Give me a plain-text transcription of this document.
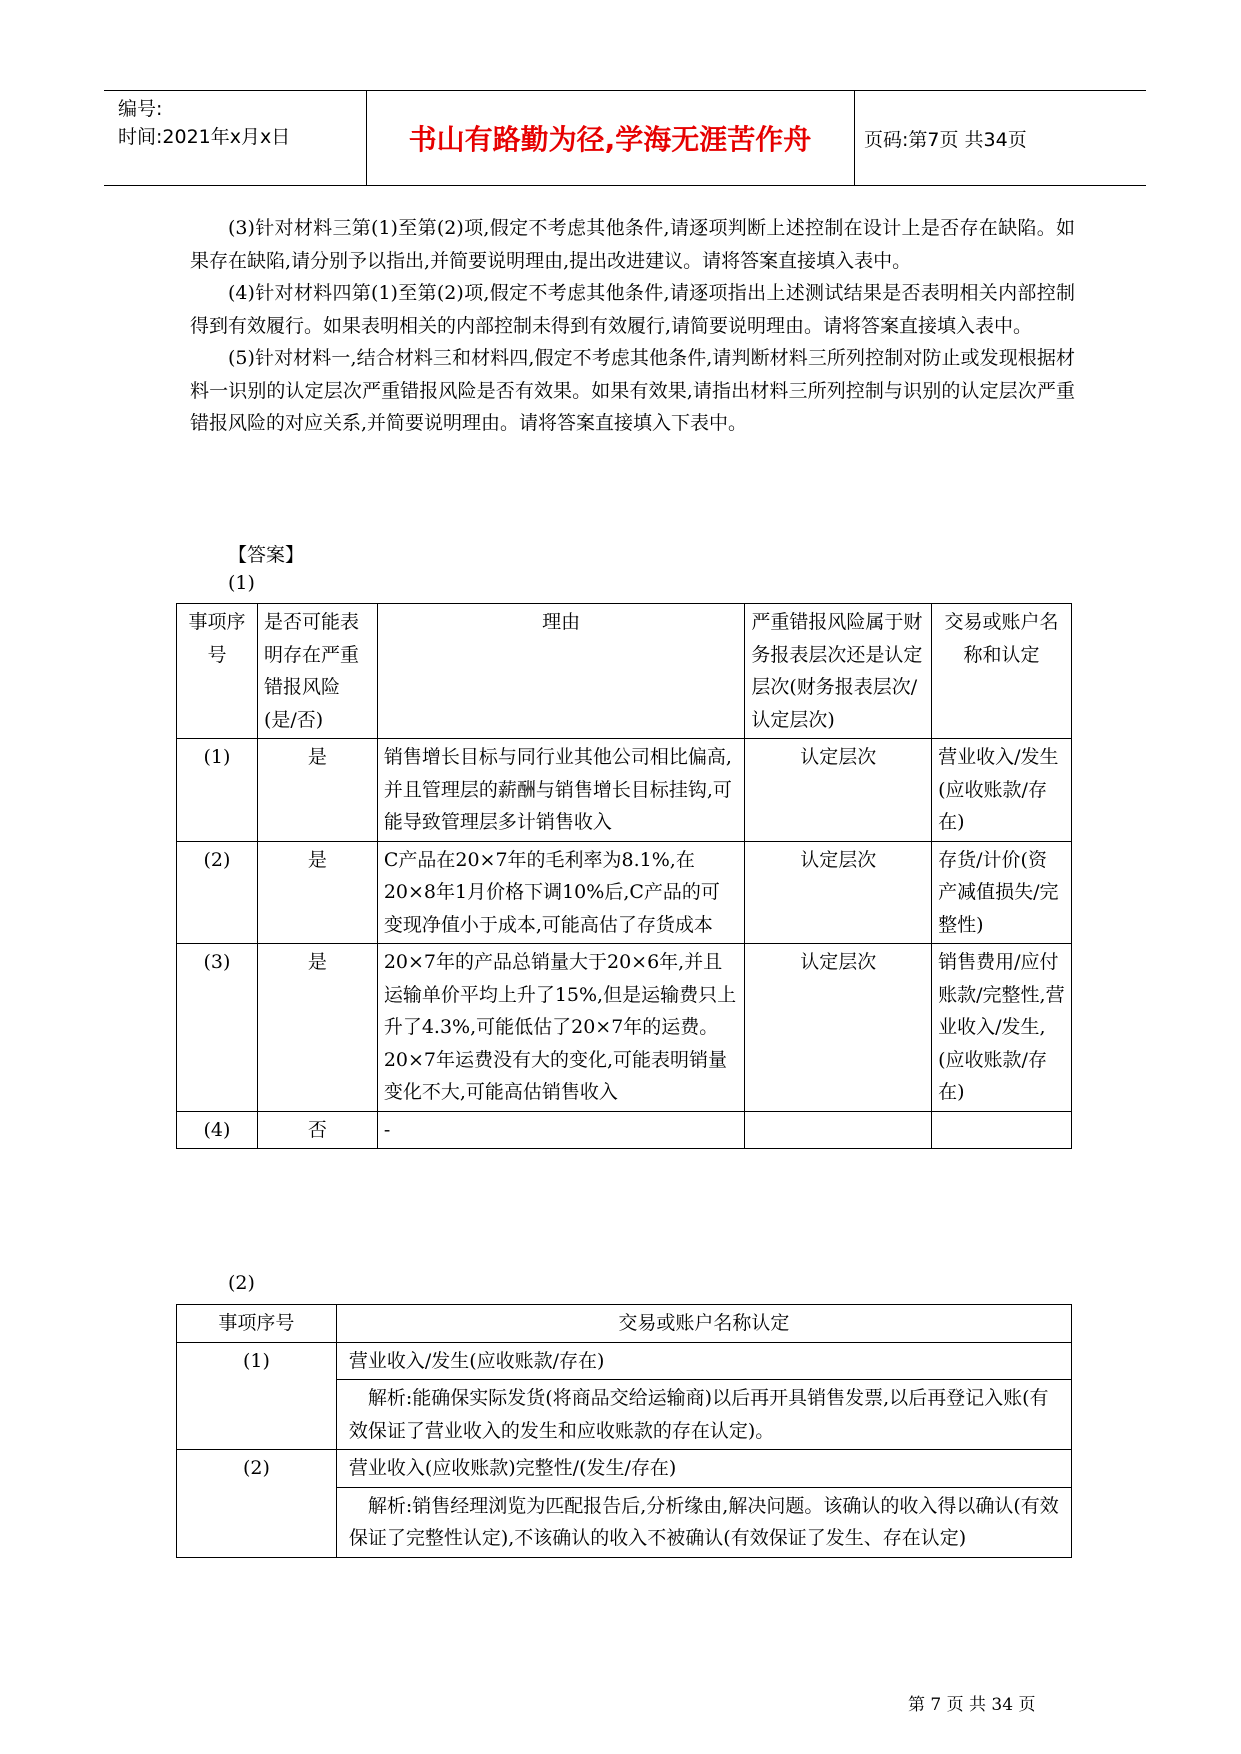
编号:
时间:2021年x月x日	书山有路勤为径,学海无涯苦作舟	页码:第7页 共34页

(3)针对材料三第(1)至第(2)项,假定不考虑其他条件,请逐项判断上述控制在设计上是否存在缺陷。如果存在缺陷,请分别予以指出,并简要说明理由,提出改进建议。请将答案直接填入表中。

(4)针对材料四第(1)至第(2)项,假定不考虑其他条件,请逐项指出上述测试结果是否表明相关内部控制得到有效履行。如果表明相关的内部控制未得到有效履行,请简要说明理由。请将答案直接填入表中。

(5)针对材料一,结合材料三和材料四,假定不考虑其他条件,请判断材料三所列控制对防止或发现根据材料一识别的认定层次严重错报风险是否有效果。如果有效果,请指出材料三所列控制与识别的认定层次严重错报风险的对应关系,并简要说明理由。请将答案直接填入下表中。

【答案】
(1)
事项序号	是否可能表明存在严重错报风险(是/否)	理由	严重错报风险属于财务报表层次还是认定层次(财务报表层次/认定层次)	交易或账户名称和认定
(1)	是	销售增长目标与同行业其他公司相比偏高,并且管理层的薪酬与销售增长目标挂钩,可能导致管理层多计销售收入	认定层次	营业收入/发生(应收账款/存在)
(2)	是	C产品在20×7年的毛利率为8.1%,在20×8年1月价格下调10%后,C产品的可变现净值小于成本,可能高估了存货成本	认定层次	存货/计价(资产减值损失/完整性)
(3)	是	20×7年的产品总销量大于20×6年,并且运输单价平均上升了15%,但是运输费只上升了4.3%,可能低估了20×7年的运费。
20×7年运费没有大的变化,可能表明销量变化不大,可能高估销售收入	认定层次	销售费用/应付账款/完整性,营业收入/发生,(应收账款/存在)
(4)	否	-		
(2)
事项序号	交易或账户名称认定
(1)	营业收入/发生(应收账款/存在)
	解析:能确保实际发货(将商品交给运输商)以后再开具销售发票,以后再登记入账(有效保证了营业收入的发生和应收账款的存在认定)。
(2)	营业收入(应收账款)完整性/(发生/存在)
	解析:销售经理浏览为匹配报告后,分析缘由,解决问题。该确认的收入得以确认(有效保证了完整性认定),不该确认的收入不被确认(有效保证了发生、存在认定)
第 7 页 共 34 页
